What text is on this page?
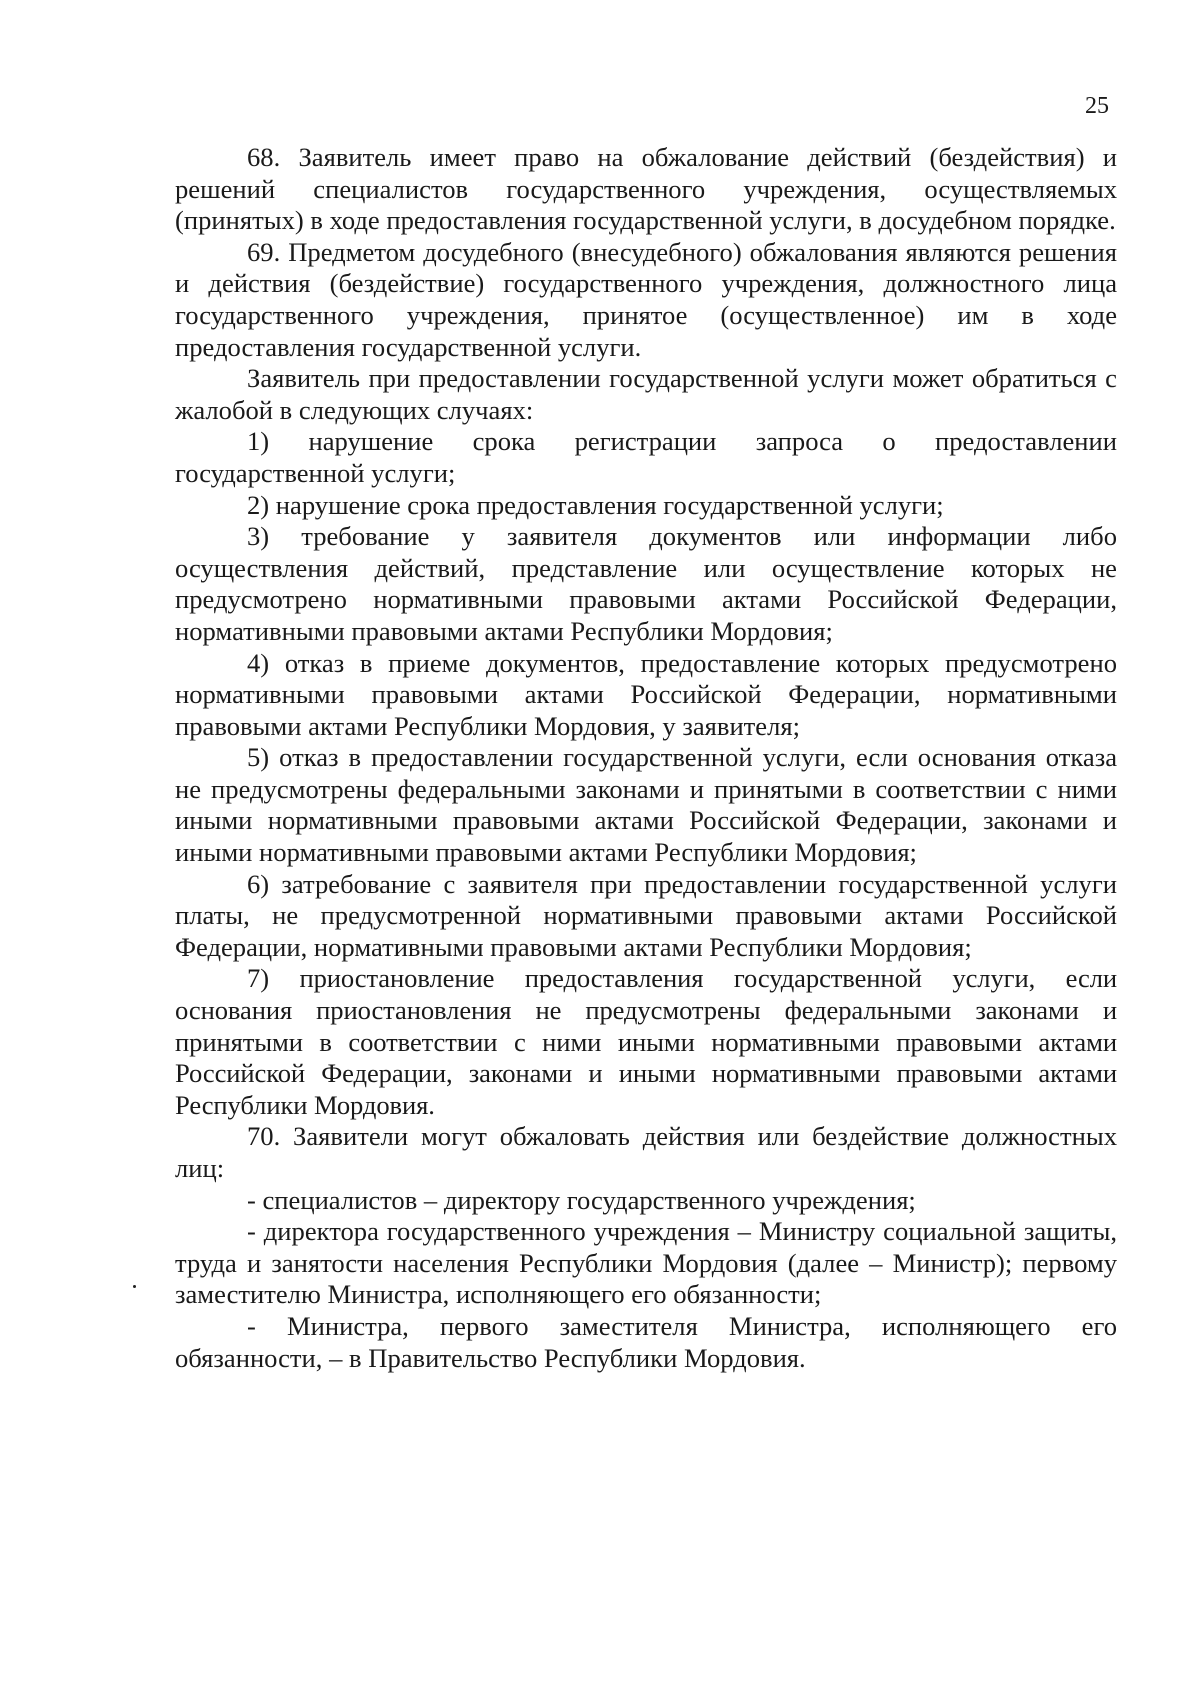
25

68. Заявитель имеет право на обжалование действий (бездействия) и решений специалистов государственного учреждения, осуществляемых (принятых) в ходе предоставления государственной услуги, в досудебном порядке.

69. Предметом досудебного (внесудебного) обжалования являются решения и действия (бездействие) государственного учреждения, должностного лица государственного учреждения, принятое (осуществленное) им в ходе предоставления государственной услуги.

Заявитель при предоставлении государственной услуги может обратиться с жалобой в следующих случаях:

1) нарушение срока регистрации запроса о предоставлении государственной услуги;

2) нарушение срока предоставления государственной услуги;

3) требование у заявителя документов или информации либо осуществления действий, представление или осуществление которых не предусмотрено нормативными правовыми актами Российской Федерации, нормативными правовыми актами Республики Мордовия;

4) отказ в приеме документов, предоставление которых предусмотрено нормативными правовыми актами Российской Федерации, нормативными правовыми актами Республики Мордовия, у заявителя;

5) отказ в предоставлении государственной услуги, если основания отказа не предусмотрены федеральными законами и принятыми в соответствии с ними иными нормативными правовыми актами Российской Федерации, законами и иными нормативными правовыми актами Республики Мордовия;

6) затребование с заявителя при предоставлении государственной услуги платы, не предусмотренной нормативными правовыми актами Российской Федерации, нормативными правовыми актами Республики Мордовия;

7) приостановление предоставления государственной услуги, если основания приостановления не предусмотрены федеральными законами и принятыми в соответствии с ними иными нормативными правовыми актами Российской Федерации, законами и иными нормативными правовыми актами Республики Мордовия.

70. Заявители могут обжаловать действия или бездействие должностных лиц:

- специалистов – директору государственного учреждения;

- директора государственного учреждения – Министру социальной защиты, труда и занятости населения Республики Мордовия (далее – Министр); первому заместителю Министра, исполняющего его обязанности;

- Министра, первого заместителя Министра, исполняющего его обязанности, – в Правительство Республики Мордовия.
